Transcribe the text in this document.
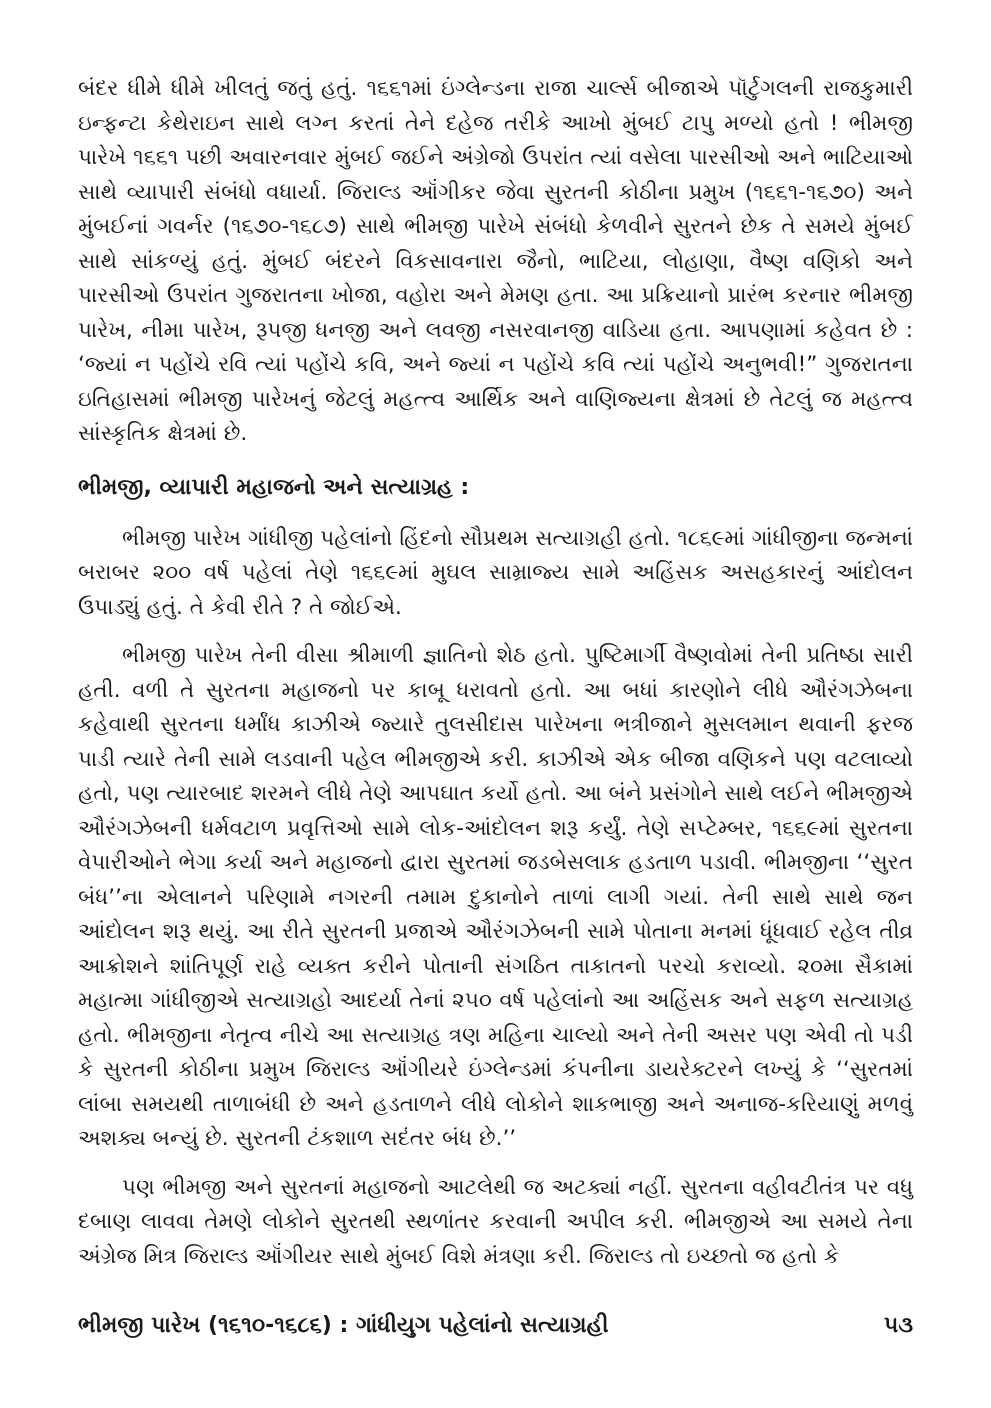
બંદર ધીમે ધીમે ખીલતું જતું હતું. ૧૬૬૧માં ઇંગ્લેન્ડના રાજા ચાર્લ્સ બીજાએ પૉર્ટુગલની રાજકુમારી ઇન્ફન્ટા કેથેરાઇન સાથે લગ્ન કરતાં તેને દહેજ તરીકે આખો મુંબઈ ટાપુ મળ્યો હતો ! ભીમજી પારેખે ૧૬૬૧ પછી અવારનવાર મુંબઈ જઈને અંગ્રેજો ઉપરાંત ત્યાં વસેલા પારસીઓ અને ભાટિયાઓ સાથે વ્યાપારી સંબંધો વધાર્યા. જિરાલ્ડ ઑંગીકર જેવા સુરતની કોઠીના પ્રમુખ (૧૬૬૧-૧૬૭૦) અને મુંબઈનાં ગવર્નર (૧૬૭૦-૧૬૮૭) સાથે ભીમજી પારેખે સંબંધો કેળવીને સુરતને છેક તે સમયે મુંબઈ સાથે સાંકળ્યું હતું. મુંબઈ બંદરને વિકસાવનારા જૈનો, ભાટિયા, લોહાણા, વૈષ્ણ વણિકો અને પારસીઓ ઉપરાંત ગુજરાતના ખોજા, વહોરા અને મેમણ હતા. આ પ્રક્રિયાનો પ્રારંભ કરનાર ભીમજી પારેખ, નીમા પારેખ, રૂપજી ધનજી અને લવજી નસરવાનજી વાડિયા હતા. આપણામાં કહેવત છે : ‘જ્યાં ન પહોંચે રવિ ત્યાં પહોંચે કવિ, અને જ્યાં ન પહોંચે કવિ ત્યાં પહોંચે અનુભવી!” ગુજરાતના ઇતિહાસમાં ભીમજી પારેખનું જેટલું મહત્ત્વ આર્થિક અને વાણિજ્યના ક્ષેત્રમાં છે તેટલું જ મહત્ત્વ સાંસ્કૃતિક ક્ષેત્રમાં છે.

ભીમજી, વ્યાપારી મહાજનો અને સત્યાગ્રહ :

ભીમજી પારેખ ગાંધીજી પહેલાંનો હિંદનો સૌપ્રથમ સત્યાગ્રહી હતો. ૧૮૬૯માં ગાંધીજીના જન્મનાં બરાબર ૨૦૦ વર્ષ પહેલાં તેણે ૧૬૬૯માં મુઘલ સામ્રાજ્ય સામે અહિંસક અસહકારનું આંદોલન ઉપાડ્યું હતું. તે કેવી રીતે ? તે જોઈએ.

ભીમજી પારેખ તેની વીસા શ્રીમાળી જ્ઞાતિનો શેઠ હતો. પુષ્ટિમાર્ગી વૈષ્ણવોમાં તેની પ્રતિષ્ઠા સારી હતી. વળી તે સુરતના મહાજનો પર કાબૂ ધરાવતો હતો. આ બધાં કારણોને લીધે ઔરંગઝેબના કહેવાથી સુરતના ધર્માંધ કાઝીએ જ્યારે તુલસીદાસ પારેખના ભત્રીજાને મુસલમાન થવાની ફરજ પાડી ત્યારે તેની સામે લડવાની પહેલ ભીમજીએ કરી. કાઝીએ એક બીજા વણિકને પણ વટલાવ્યો હતો, પણ ત્યારબાદ શરમને લીધે તેણે આપઘાત કર્યો હતો. આ બંને પ્રસંગોને સાથે લઈને ભીમજીએ ઔરંગઝેબની ધર્મવટાળ પ્રવૃત્તિઓ સામે લોક-આંદોલન શરૂ કર્યું. તેણે સપ્ટેમ્બર, ૧૬૬૯માં સુરતના વેપારીઓને ભેગા કર્યા અને મહાજનો દ્વારા સુરતમાં જડબેસલાક હડતાળ પડાવી. ભીમજીના ‘‘સુરત બંધ’’ના એલાનને પરિણામે નગરની તમામ દુકાનોને તાળાં લાગી ગયાં. તેની સાથે સાથે જન આંદોલન શરૂ થયું. આ રીતે સુરતની પ્રજાએ ઔરંગઝેબની સામે પોતાના મનમાં ધૂંધવાઈ રહેલ તીવ્ર આક્રોશને શાંતિપૂર્ણ રાહે વ્યક્ત કરીને પોતાની સંગઠિત તાકાતનો પરચો કરાવ્યો. ૨૦મા સૈકામાં મહાત્મા ગાંધીજીએ સત્યાગ્રહો આદર્યા તેનાં ૨૫૦ વર્ષ પહેલાંનો આ અહિંસક અને સફળ સત્યાગ્રહ હતો. ભીમજીના નેતૃત્વ નીચે આ સત્યાગ્રહ ત્રણ મહિના ચાલ્યો અને તેની અસર પણ એવી તો પડી કે સુરતની કોઠીના પ્રમુખ જિરાલ્ડ ઑંગીયરે ઇંગ્લેન્ડમાં કંપનીના ડાયરેક્ટરને લખ્યું કે ‘‘સુરતમાં લાંબા સમયથી તાળાબંધી છે અને હડતાળને લીધે લોકોને શાકભાજી અને અનાજ-કરિયાણું મળવું અશક્ય બન્યું છે. સુરતની ટંકશાળ સદંતર બંધ છે.’’

પણ ભીમજી અને સુરતનાં મહાજનો આટલેથી જ અટક્યાં નહીં. સુરતના વહીવટીતંત્ર પર વધુ દબાણ લાવવા તેમણે લોકોને સુરતથી સ્થળાંતર કરવાની અપીલ કરી. ભીમજીએ આ સમયે તેના અંગ્રેજ મિત્ર જિરાલ્ડ ઑંગીયર સાથે મુંબઈ વિશે મંત્રણા કરી. જિરાલ્ડ તો ઇચ્છતો જ હતો કે

ભીમજી પારેખ (૧૬૧૦-૧૬૮૬) : ગાંધીયુગ પહેલાંનો સત્યાગ્રહી	૫૩
